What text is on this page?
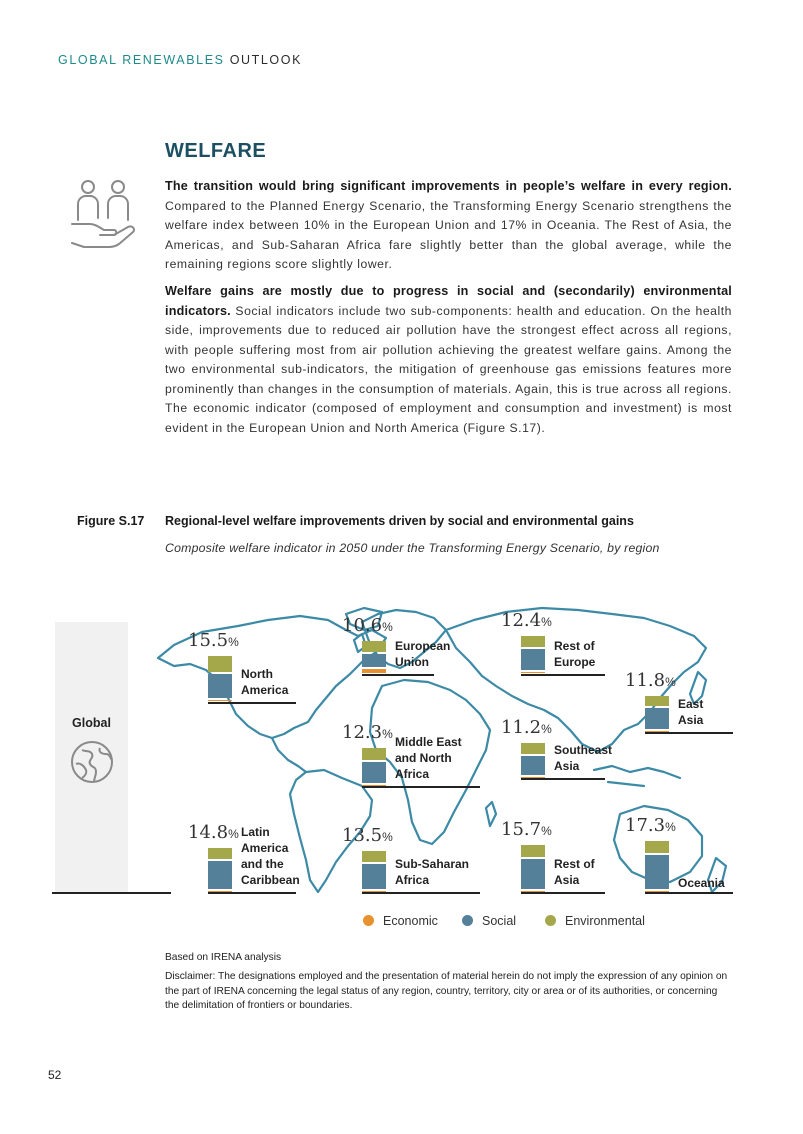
GLOBAL RENEWABLES OUTLOOK
WELFARE
The transition would bring significant improvements in people’s welfare in every region. Compared to the Planned Energy Scenario, the Transforming Energy Scenario strengthens the welfare index between 10% in the European Union and 17% in Oceania. The Rest of Asia, the Americas, and Sub-Saharan Africa fare slightly better than the global average, while the remaining regions score slightly lower.
Welfare gains are mostly due to progress in social and (secondarily) environmental indicators. Social indicators include two sub-components: health and education. On the health side, improvements due to reduced air pollution have the strongest effect across all regions, with people suffering most from air pollution achieving the greatest welfare gains. Among the two environmental sub-indicators, the mitigation of greenhouse gas emissions features more prominently than changes in the consumption of materials. Again, this is true across all regions. The economic indicator (composed of employment and consumption and investment) is most evident in the European Union and North America (Figure S.17).
Figure S.17 Regional-level welfare improvements driven by social and environmental gains
Composite welfare indicator in 2050 under the Transforming Energy Scenario, by region
Global
15.5%
North
America
10.6%
European
Union
12.4%
Rest of
Europe
11.8%
East
Asia
12.3%
Middle East
and North
Africa
11.2%
Southeast
Asia
14.8% Latin
America
and the
Caribbean
13.5%
Sub-Saharan
Africa
15.7%
Rest of
Asia
17.3%
Oceania
Economic	Social	Environmental
Based on IRENA analysis
Disclaimer: The designations employed and the presentation of material herein do not imply the expression of any opinion on the part of IRENA concerning the legal status of any region, country, territory, city or area or of its authorities, or concerning the delimitation of frontiers or boundaries.
52
